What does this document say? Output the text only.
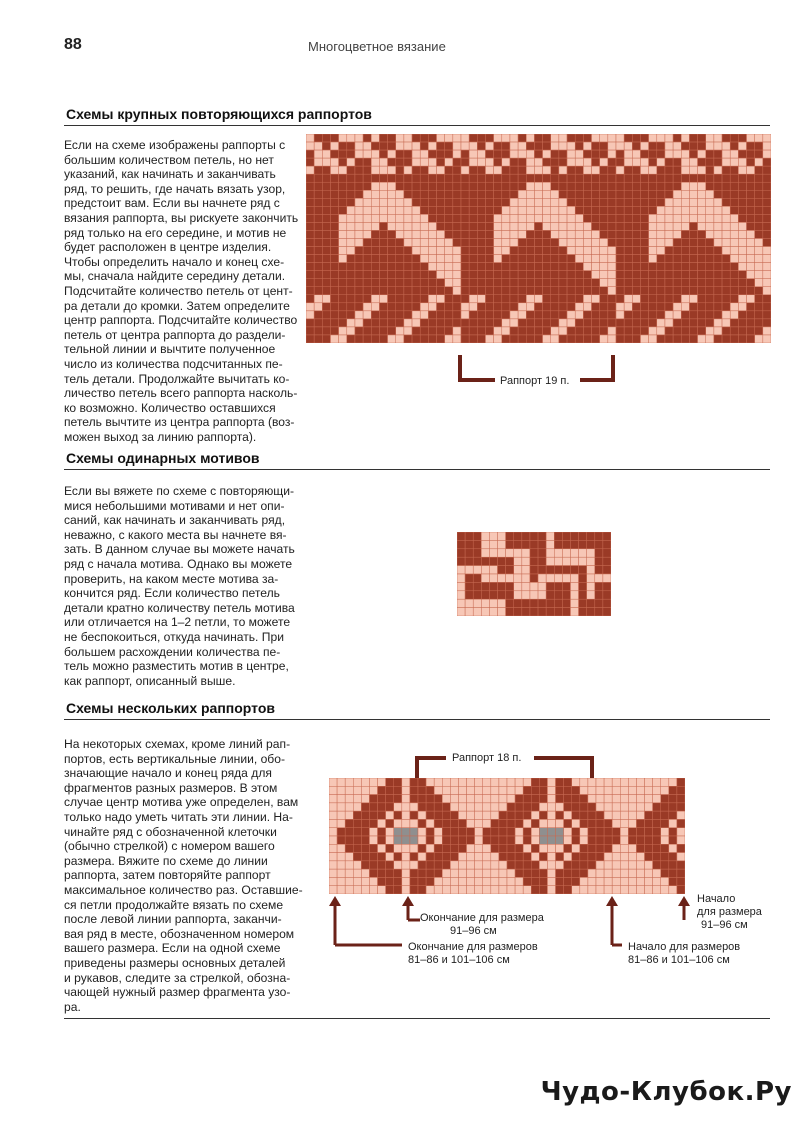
88	Многоцветное вязание
Схемы крупных повторяющихся раппортов
Если на схеме изображены раппорты с
большим количеством петель, но нет
указаний, как начинать и заканчивать
ряд, то решить, где начать вязать узор,
предстоит вам. Если вы начнете ряд с
вязания раппорта, вы рискуете закончить
ряд только на его середине, и мотив не
будет расположен в центре изделия.
Чтобы определить начало и конец схе-
мы, сначала найдите середину детали.
Подсчитайте количество петель от цент-
ра детали до кромки. Затем определите
центр раппорта. Подсчитайте количество
петель от центра раппорта до раздели-
тельной линии и вычтите полученное
число из количества подсчитанных пе-
тель детали. Продолжайте вычитать ко-
личество петель всего раппорта насколь-
ко возможно. Количество оставшихся
петель вычтите из центра раппорта (воз-
можен выход за линию раппорта).
Раппорт 19 п.
Схемы одинарных мотивов
Если вы вяжете по схеме с повторяющи-
мися небольшими мотивами и нет опи-
саний, как начинать и заканчивать ряд,
неважно, с какого места вы начнете вя-
зать. В данном случае вы можете начать
ряд с начала мотива. Однако вы можете
проверить, на каком месте мотива за-
кончится ряд. Если количество петель
детали кратно количеству петель мотива
или отличается на 1–2 петли, то можете
не беспокоиться, откуда начинать. При
большем расхождении количества пе-
тель можно разместить мотив в центре,
как раппорт, описанный выше.
Схемы нескольких раппортов
На некоторых схемах, кроме линий рап-
портов, есть вертикальные линии, обо-
значающие начало и конец ряда для
фрагментов разных размеров. В этом
случае центр мотива уже определен, вам
только надо уметь читать эти линии. На-
чинайте ряд с обозначенной клеточки
(обычно стрелкой) с номером вашего
размера. Вяжите по схеме до линии
раппорта, затем повторяйте раппорт
максимальное количество раз. Оставшие-
ся петли продолжайте вязать по схеме
после левой линии раппорта, заканчи-
вая ряд в месте, обозначенном номером
вашего размера. Если на одной схеме
приведены размеры основных деталей
и рукавов, следите за стрелкой, обозна-
чающей нужный размер фрагмента узо-
ра.
Раппорт 18 п.
Окончание для размера
91–96 см
Окончание для размеров
81–86 и 101–106 см
Начало для размеров
81–86 и 101–106 см
Начало
для размера
91–96 см
Чудо-Клубок.Ру
